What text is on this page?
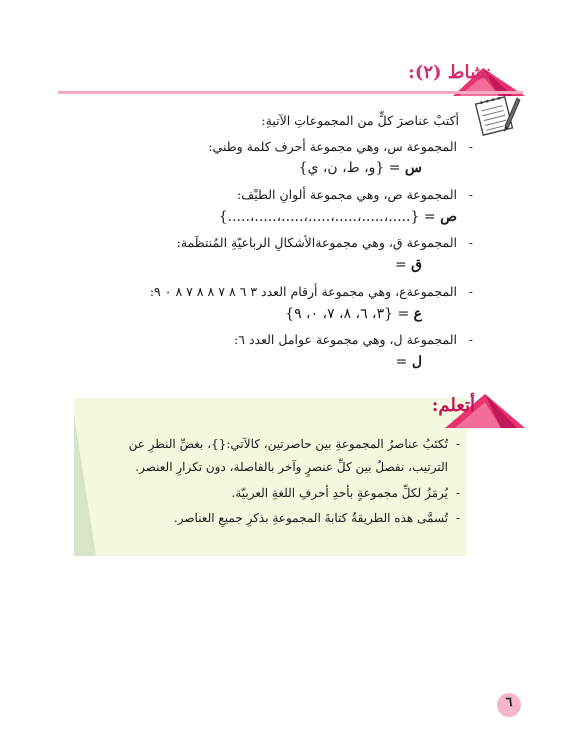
نشاط (٢):
أكتبْ عناصرَ كلٍّ من المجموعاتِ الآتيةِ:
- المجموعة س، وهي مجموعة أحرف كلمة وطني:
س = {و، ط، ن، ي}
- المجموعة ص، وهي مجموعة ألوانِ الطيْف:
ص = {.....،.....،.....،.....،.....،.....،.....}
- المجموعة ق، وهي مجموعةالأشكالِ الرباعيّةِ المُنتظَمة:
ق =
- المجموعةع، وهي مجموعة أرقام العدد ٣ ٦ ٨ ٧ ٨ ٨ ٧ ٨ ٠ ٩:
ع = {٣، ٦، ٨، ٧، ٠، ٩}
- المجموعة ل، وهي مجموعة عوامل العدد ٦:
ل =
أتعلم:
-
تُكتَبُ عناصرُ المجموعةِ بين حاصرتين، كالآتي:{}، بغضِّ النظرِ عن
الترتيب، نفصلُ بين كلِّ عنصرٍ وآخر بالفاصلة، دون تكرارِ العنصر.
-
يُرمَزُ لكلِّ مجموعةٍ بأحدِ أحرفِ اللغةِ العربيّة.
-
تُسمَّى هذه الطريقةُ كتابةَ المجموعةِ بذكرِ جميعِ العناصر.
٦
